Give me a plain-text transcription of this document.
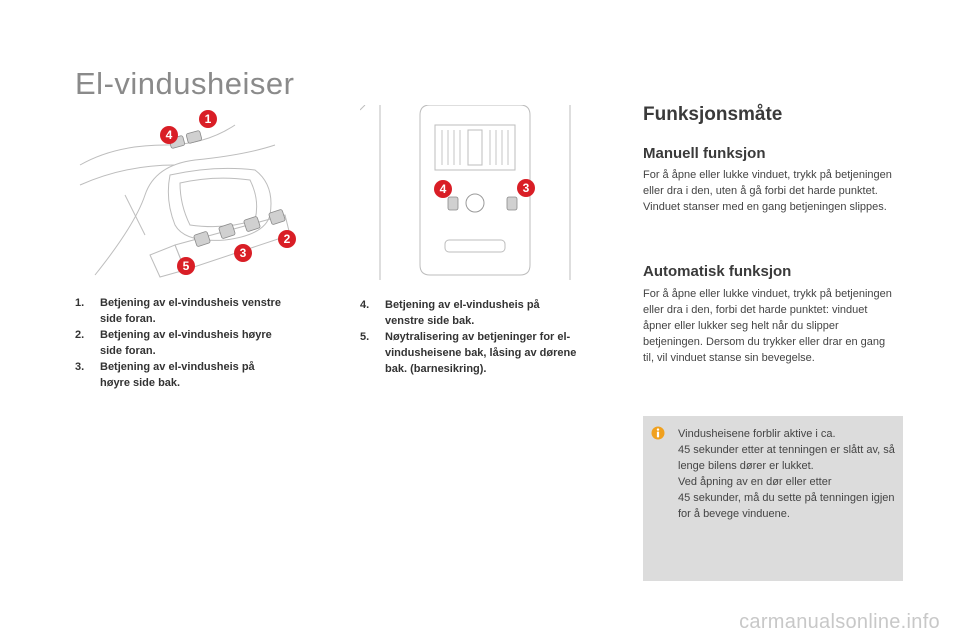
El-vindusheiser
4
1
2
3
5
4	3
1.	Betjening av el-vindusheis venstre side foran.
2.	Betjening av el-vindusheis høyre side foran.
3.	Betjening av el-vindusheis på høyre side bak.
4.	Betjening av el-vindusheis på venstre side bak.
5.	Nøytralisering av betjeninger for el-vindusheisene bak, låsing av dørene bak. (barnesikring).
Funksjonsmåte
Manuell funksjon

For å åpne eller lukke vinduet, trykk på betjeningen eller dra i den, uten å gå forbi det harde punktet. Vinduet stanser med en gang betjeningen slippes.

Automatisk funksjon

For å åpne eller lukke vinduet, trykk på betjeningen eller dra i den, forbi det harde punktet: vinduet åpner eller lukker seg helt når du slipper betjeningen. Dersom du trykker eller drar en gang til, vil vinduet stanse sin bevegelse.

Vindusheisene forblir aktive i ca.
45 sekunder etter at tenningen er slått av, så lenge bilens dører er lukket.
Ved åpning av en dør eller etter
45 sekunder, må du sette på tenningen igjen for å bevege vinduene.
carmanualsonline.info
